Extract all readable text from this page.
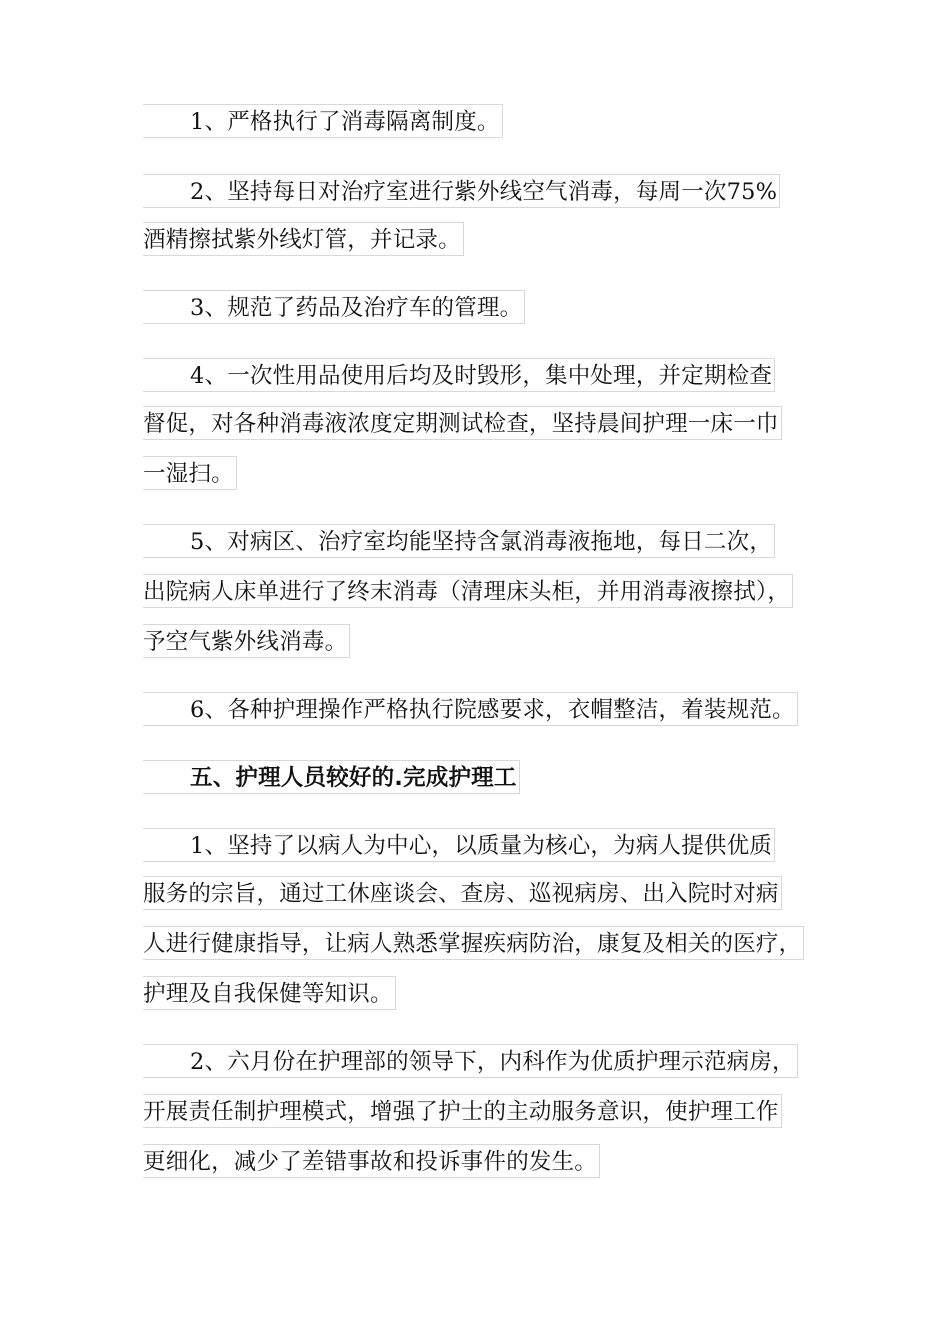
1、严格执行了消毒隔离制度。
2、坚持每日对治疗室进行紫外线空气消毒，每周一次75%
酒精擦拭紫外线灯管，并记录。
3、规范了药品及治疗车的管理。
4、一次性用品使用后均及时毁形，集中处理，并定期检查
督促，对各种消毒液浓度定期测试检查，坚持晨间护理一床一巾
一湿扫。
5、对病区、治疗室均能坚持含氯消毒液拖地，每日二次，
出院病人床单进行了终末消毒（清理床头柜，并用消毒液擦拭），
予空气紫外线消毒。
6、各种护理操作严格执行院感要求，衣帽整洁，着装规范。
五、护理人员较好的.完成护理工
1、坚持了以病人为中心，以质量为核心，为病人提供优质
服务的宗旨，通过工休座谈会、查房、巡视病房、出入院时对病
人进行健康指导，让病人熟悉掌握疾病防治，康复及相关的医疗，
护理及自我保健等知识。
2、六月份在护理部的领导下，内科作为优质护理示范病房，
开展责任制护理模式，增强了护士的主动服务意识，使护理工作
更细化，减少了差错事故和投诉事件的发生。
